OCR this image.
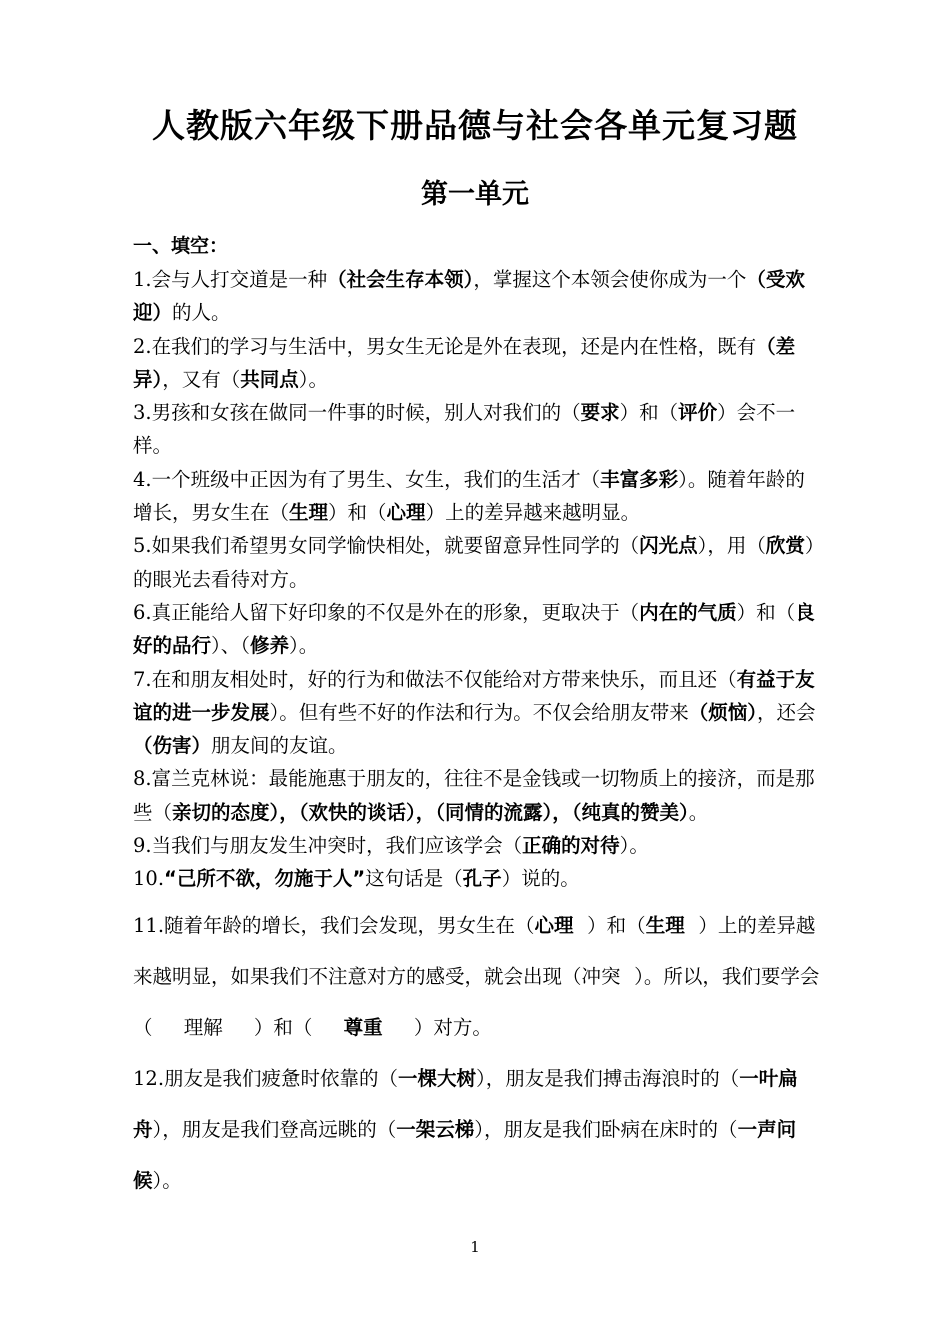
人教版六年级下册品德与社会各单元复习题
第一单元
一、填空：

1.会与人打交道是一种（社会生存本领），掌握这个本领会使你成为一个（受欢迎）的人。

2.在我们的学习与生活中，男女生无论是外在表现，还是内在性格，既有（差异），又有（共同点）。

3.男孩和女孩在做同一件事的时候，别人对我们的（要求）和（评价）会不一样。

4.一个班级中正因为有了男生、女生，我们的生活才（丰富多彩）。随着年龄的增长，男女生在（生理）和（心理）上的差异越来越明显。

5.如果我们希望男女同学愉快相处，就要留意异性同学的（闪光点），用（欣赏）的眼光去看待对方。

6.真正能给人留下好印象的不仅是外在的形象，更取决于（内在的气质）和（良好的品行）、（修养）。

7.在和朋友相处时，好的行为和做法不仅能给对方带来快乐，而且还（有益于友谊的进一步发展）。但有些不好的作法和行为。不仅会给朋友带来（烦恼），还会（伤害）朋友间的友谊。

8.富兰克林说：最能施惠于朋友的，往往不是金钱或一切物质上的接济，而是那些（亲切的态度），（欢快的谈话），（同情的流露），（纯真的赞美）。

9.当我们与朋友发生冲突时，我们应该学会（正确的对待）。

10.“己所不欲，勿施于人”这句话是（孔子）说的。

11.随着年龄的增长，我们会发现，男女生在（心理 ）和（生理 ）上的差异越来越明显，如果我们不注意对方的感受，就会出现（冲突 ）。所以，我们要学会（ 理解 ）和（ 尊重 ）对方。

12.朋友是我们疲惫时依靠的（一棵大树），朋友是我们搏击海浪时的（一叶扁舟），朋友是我们登高远眺的（一架云梯），朋友是我们卧病在床时的（一声问候）。

1
